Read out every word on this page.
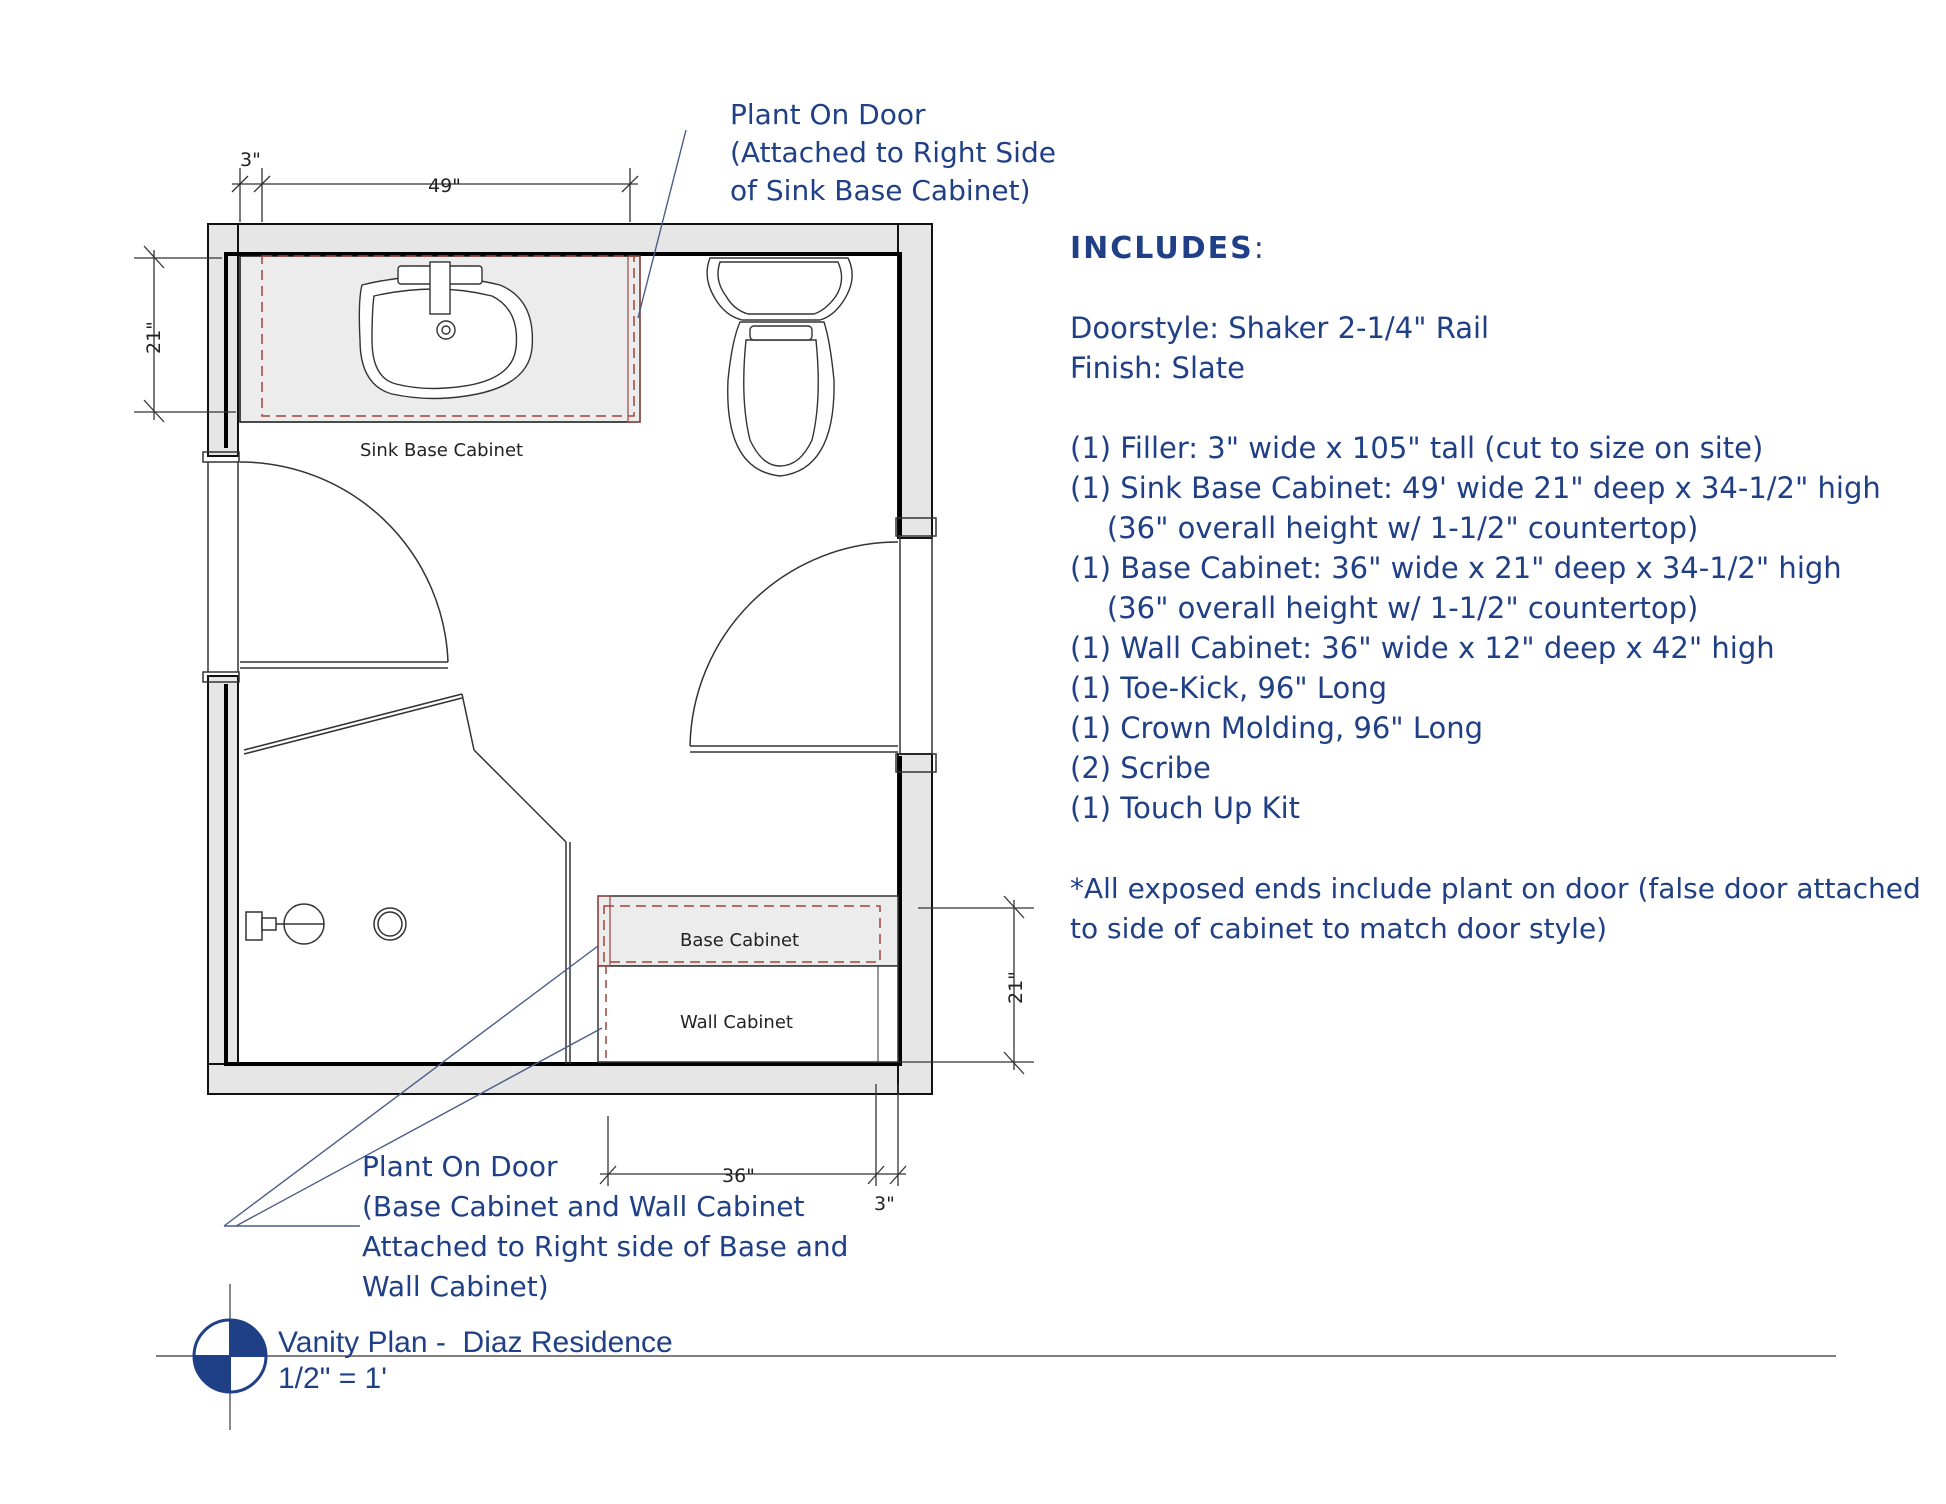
Sink Base Cabinet
Base Cabinet
Wall Cabinet
3"
49"
21"
21"
36"
3"
Plant On Door
(Attached to Right Side
of Sink Base Cabinet)
Plant On Door
(Base Cabinet and Wall Cabinet
Attached to Right side of Base and
Wall Cabinet)
INCLUDES:
Doorstyle: Shaker 2-1/4" Rail
Finish: Slate
(1) Filler: 3" wide x 105" tall (cut to size on site)
(1) Sink Base Cabinet: 49' wide 21" deep x 34-1/2" high
(36" overall height w/ 1-1/2" countertop)
(1) Base Cabinet: 36" wide x 21" deep x 34-1/2" high
(36" overall height w/ 1-1/2" countertop)
(1) Wall Cabinet: 36" wide x 12" deep x 42" high
(1) Toe-Kick, 96" Long
(1) Crown Molding, 96" Long
(2) Scribe
(1) Touch Up Kit
*All exposed ends include plant on door (false door attached
to side of cabinet to match door style)
Vanity Plan -  Diaz Residence
1/2" = 1'
